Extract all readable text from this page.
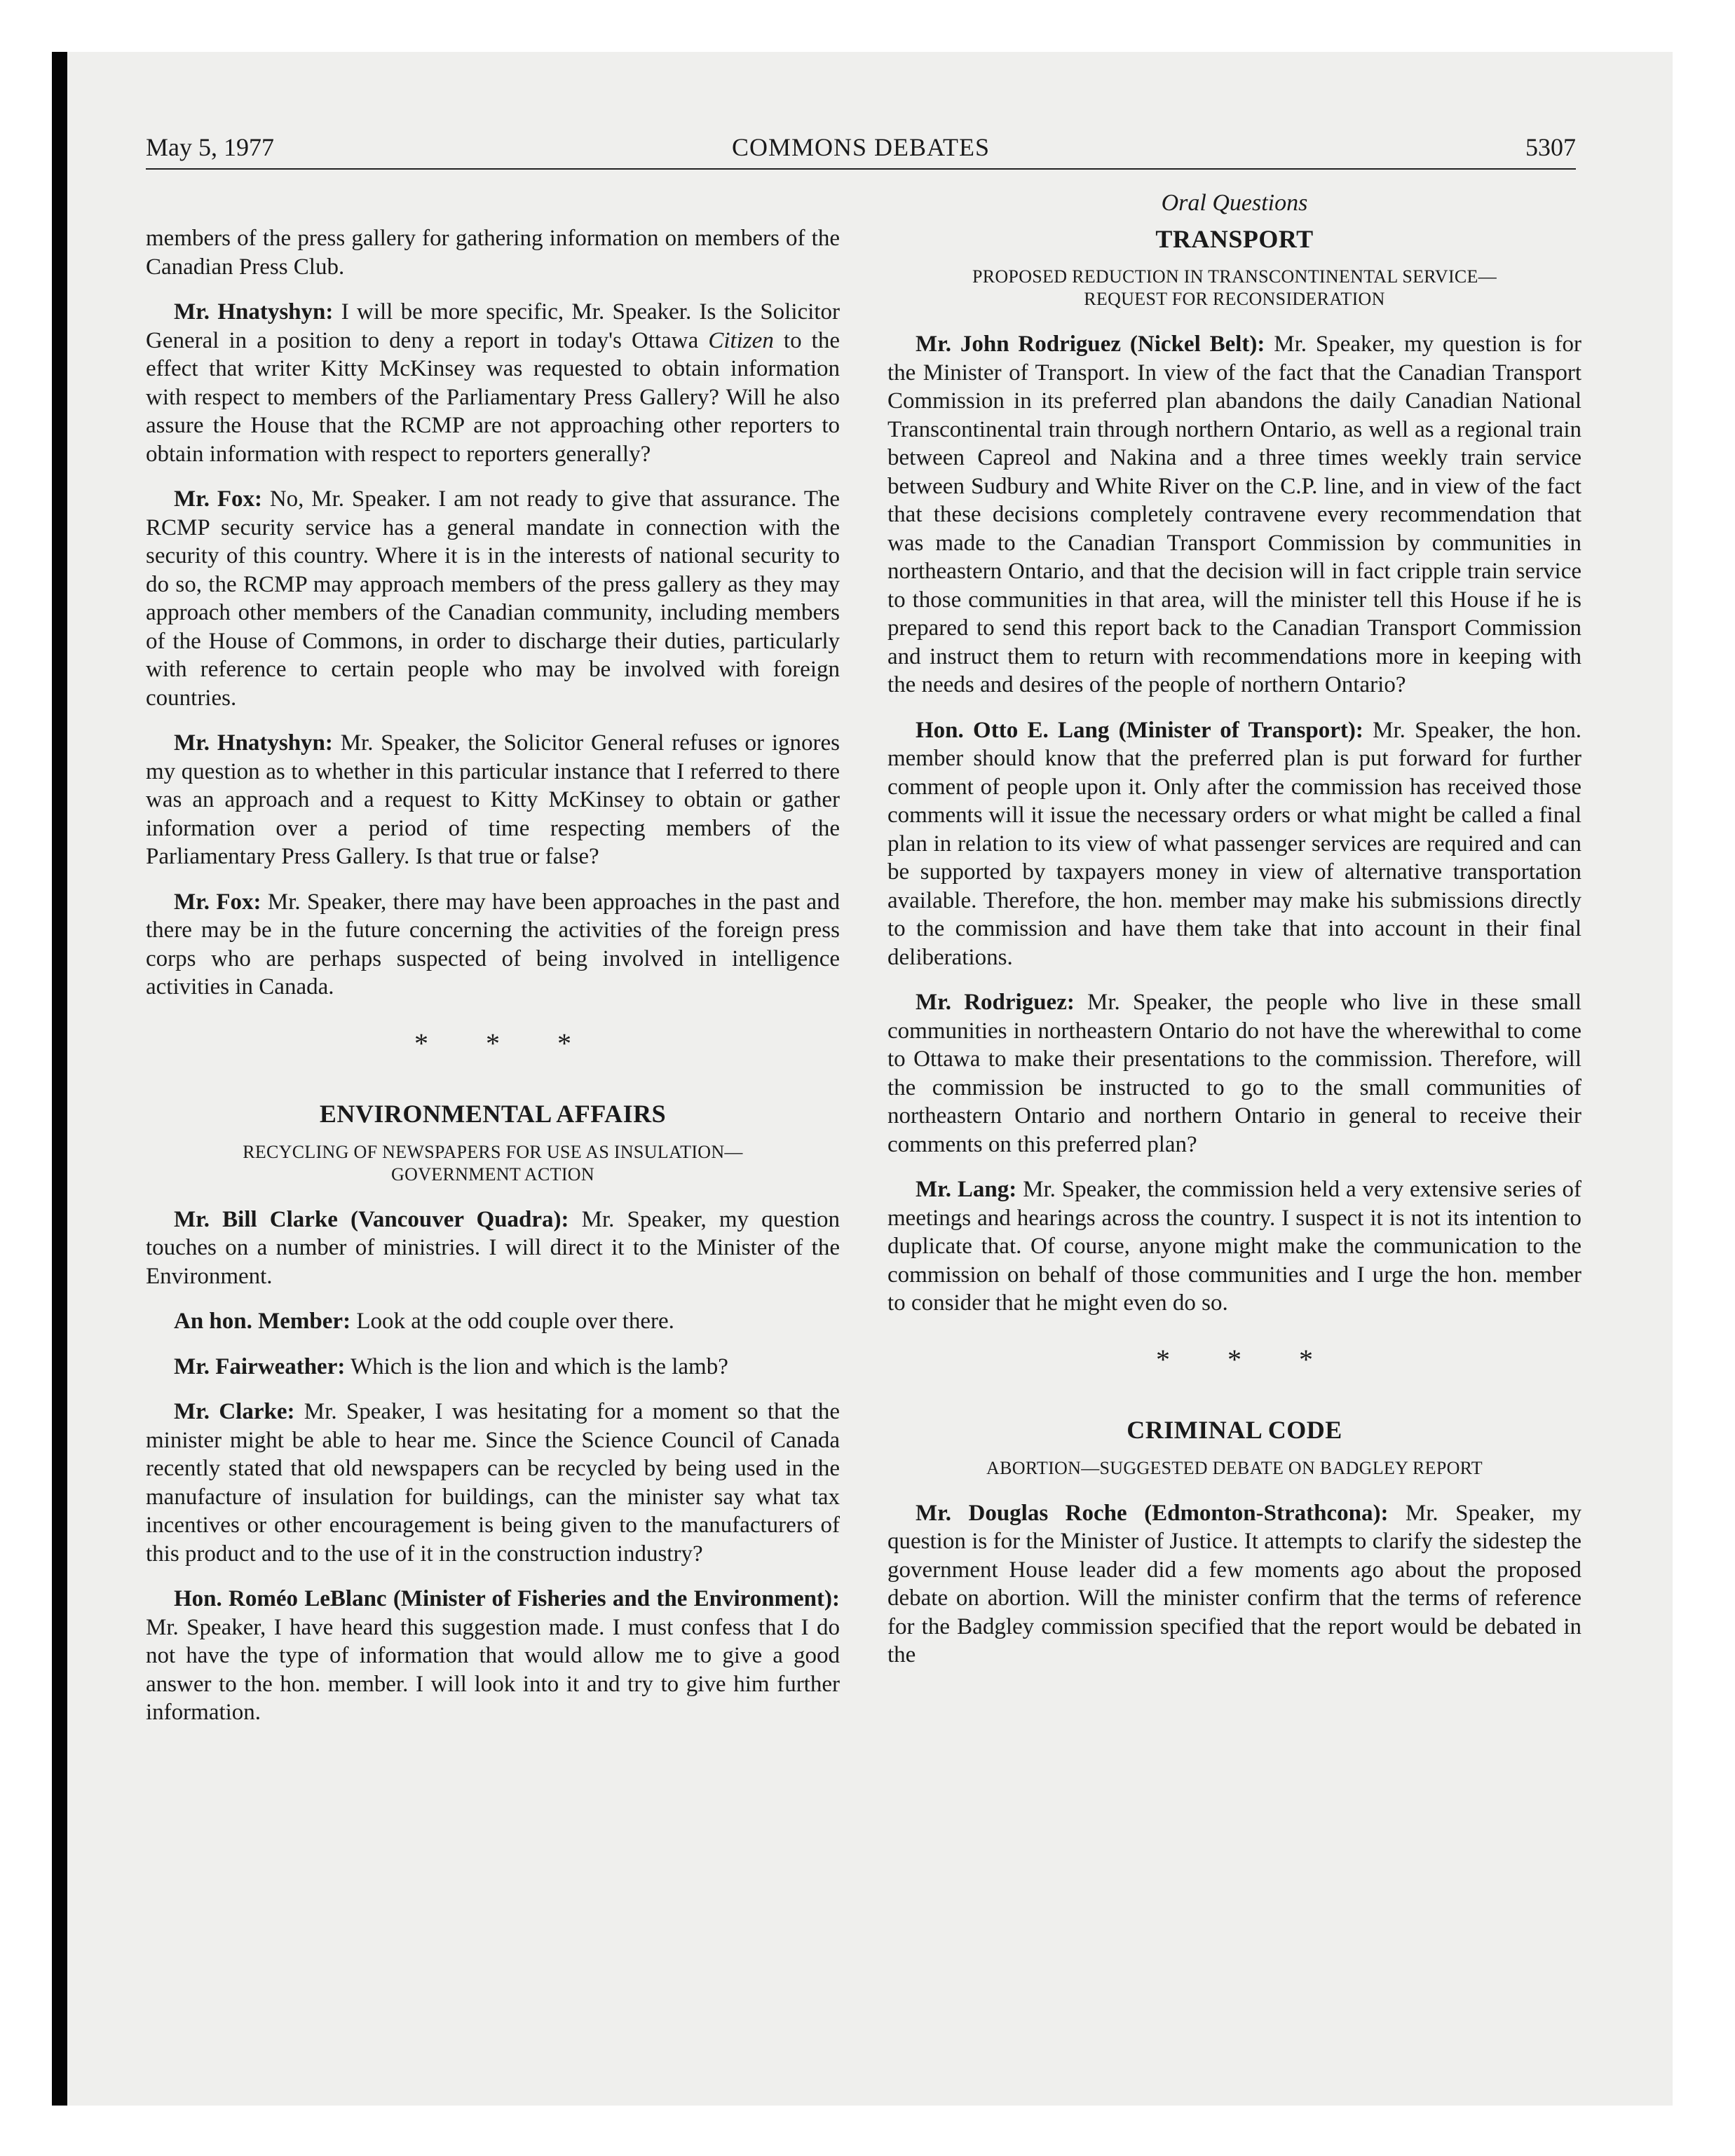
May 5, 1977	COMMONS DEBATES	5307

members of the press gallery for gathering information on members of the Canadian Press Club.

Mr. Hnatyshyn: I will be more specific, Mr. Speaker. Is the Solicitor General in a position to deny a report in today's Ottawa Citizen to the effect that writer Kitty McKinsey was requested to obtain information with respect to members of the Parliamentary Press Gallery? Will he also assure the House that the RCMP are not approaching other reporters to obtain information with respect to reporters generally?

Mr. Fox: No, Mr. Speaker. I am not ready to give that assurance. The RCMP security service has a general mandate in connection with the security of this country. Where it is in the interests of national security to do so, the RCMP may approach members of the press gallery as they may approach other members of the Canadian community, including members of the House of Commons, in order to discharge their duties, particularly with reference to certain people who may be involved with foreign countries.

Mr. Hnatyshyn: Mr. Speaker, the Solicitor General refuses or ignores my question as to whether in this particular instance that I referred to there was an approach and a request to Kitty McKinsey to obtain or gather information over a period of time respecting members of the Parliamentary Press Gallery. Is that true or false?

Mr. Fox: Mr. Speaker, there may have been approaches in the past and there may be in the future concerning the activities of the foreign press corps who are perhaps suspected of being involved in intelligence activities in Canada.

* * *
ENVIRONMENTAL AFFAIRS
RECYCLING OF NEWSPAPERS FOR USE AS INSULATION—
GOVERNMENT ACTION

Mr. Bill Clarke (Vancouver Quadra): Mr. Speaker, my question touches on a number of ministries. I will direct it to the Minister of the Environment.

An hon. Member: Look at the odd couple over there.

Mr. Fairweather: Which is the lion and which is the lamb?

Mr. Clarke: Mr. Speaker, I was hesitating for a moment so that the minister might be able to hear me. Since the Science Council of Canada recently stated that old newspapers can be recycled by being used in the manufacture of insulation for buildings, can the minister say what tax incentives or other encouragement is being given to the manufacturers of this product and to the use of it in the construction industry?

Hon. Roméo LeBlanc (Minister of Fisheries and the Environment): Mr. Speaker, I have heard this suggestion made. I must confess that I do not have the type of information that would allow me to give a good answer to the hon. member. I will look into it and try to give him further information.

Oral Questions
TRANSPORT
PROPOSED REDUCTION IN TRANSCONTINENTAL SERVICE—
REQUEST FOR RECONSIDERATION

Mr. John Rodriguez (Nickel Belt): Mr. Speaker, my question is for the Minister of Transport. In view of the fact that the Canadian Transport Commission in its preferred plan abandons the daily Canadian National Transcontinental train through northern Ontario, as well as a regional train between Capreol and Nakina and a three times weekly train service between Sudbury and White River on the C.P. line, and in view of the fact that these decisions completely contravene every recommendation that was made to the Canadian Transport Commission by communities in northeastern Ontario, and that the decision will in fact cripple train service to those communities in that area, will the minister tell this House if he is prepared to send this report back to the Canadian Transport Commission and instruct them to return with recommendations more in keeping with the needs and desires of the people of northern Ontario?

Hon. Otto E. Lang (Minister of Transport): Mr. Speaker, the hon. member should know that the preferred plan is put forward for further comment of people upon it. Only after the commission has received those comments will it issue the necessary orders or what might be called a final plan in relation to its view of what passenger services are required and can be supported by taxpayers money in view of alternative transportation available. Therefore, the hon. member may make his submissions directly to the commission and have them take that into account in their final deliberations.

Mr. Rodriguez: Mr. Speaker, the people who live in these small communities in northeastern Ontario do not have the wherewithal to come to Ottawa to make their presentations to the commission. Therefore, will the commission be instructed to go to the small communities of northeastern Ontario and northern Ontario in general to receive their comments on this preferred plan?

Mr. Lang: Mr. Speaker, the commission held a very extensive series of meetings and hearings across the country. I suspect it is not its intention to duplicate that. Of course, anyone might make the communication to the commission on behalf of those communities and I urge the hon. member to consider that he might even do so.

* * *
CRIMINAL CODE
ABORTION—SUGGESTED DEBATE ON BADGLEY REPORT

Mr. Douglas Roche (Edmonton-Strathcona): Mr. Speaker, my question is for the Minister of Justice. It attempts to clarify the sidestep the government House leader did a few moments ago about the proposed debate on abortion. Will the minister confirm that the terms of reference for the Badgley commission specified that the report would be debated in the
